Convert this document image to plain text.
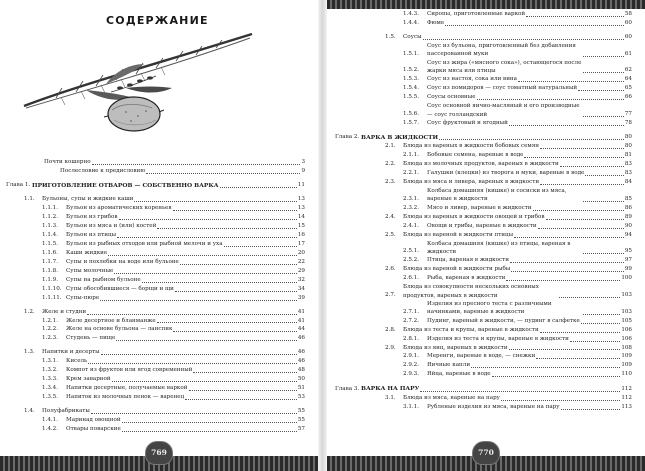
СОДЕРЖАНИЕ
Почти кошерно	3
Послесловие к предисловию	9
Глава 1. ПРИГОТОВЛЕНИЕ ОТВАРОВ — СОБСТВЕННО ВАРКА	11
1.1.	Бульоны, супы и жидкие каши	13
1.1.1.	Бульон из ароматических кореньев	13
1.1.2.	Бульон из грибов	14
1.1.3.	Бульон из мяса и (или) костей	15
1.1.4.	Бульон из птицы	16
1.1.5.	Бульон из рыбных отходов или рыбной мелочи и уха	17
1.1.6.	Каши жидкие	20
1.1.7.	Супы и похлебки на воде или бульоне	22
1.1.8.	Супы молочные	29
1.1.9.	Супы на рыбном бульоне	32
1.1.10. Супы обособившиеся — борщи и щи	34
1.1.11. Супы-пюре	39
1.2.	Желе и студни	41
1.2.1.	Желе десертное и бланманже	41
1.2.2.	Желе на основе бульона — ланспик	44
1.2.3.	Студень — пище	46
1.3.	Напитки и десерты	46
1.3.1.	Кисель	46
1.3.2.	Компот из фруктов или ягод современный	48
1.3.3.	Крем заварной	50
1.3.4.	Напитки десертные, получаемые варкой	51
1.3.5.	Напиток из молочных пенок — варенец	53
1.4.	Полуфабрикаты	55
1.4.1.	Маринад овощной	55
1.4.2.	Отвары поварские	57
769
1.4.3.	Сиропы, приготовленные варкой	58
1.4.4.	Фюме	60
1.5.	Соусы	60
1.5.1.
Соус из бульона, приготовленный без добавления пассерованной муки	61
1.5.2.
Соус из жира («мясного сока»), остающегося после жарки мяса или птицы	62
1.5.3.	Соус из настоя, сока или вина	64
1.5.4.	Соус из помидоров — соус томатный натуральный	65
1.5.5.	Соусы основные	66
1.5.6.
Соус основной яично-масляный и его производные — соус голландский	77
1.5.7.	Соус фруктовый и ягодный	78
Глава 2. ВАРКА В ЖИДКОСТИ	80
2.1.	Блюда из вареных в жидкости бобовых семян	80
2.1.1.	Бобовые семена, вареные в воде	81
2.2.	Блюда из молочных продуктов, вареных в жидкости	83
2.2.1.	Галушки (клецки) из творога и муки, вареные в воде	83
2.3.	Блюда из мяса и ливера, вареных в жидкости	84
2.3.1.
Колбаса домашняя (кишке) и сосиски из мяса, вареные в жидкости	85
2.3.2.	Мясо и ливер, вареные в жидкости	86
2.4.	Блюда из вареных в жидкости овощей и грибов	89
2.4.1.	Овощи и грибы, вареные в жидкости	90
2.5.	Блюда из вареной в жидкости птицы	94
2.5.1.
Колбаса домашняя (кишке) из птицы, вареная в жидкости	95
2.5.2.	Птица, вареная в жидкости	97
2.6.	Блюда из вареной в жидкости рыбы	99
2.6.1.	Рыба, вареная в жидкости	100
2.7.
Блюда из совокупности нескольких основных продуктов, вареных в жидкости	103
2.7.1.
Изделия из пресного теста с различными начинками, вареные в жидкости	103
2.7.2.	Пудинг, вареный в жидкости, — пудинг в салфетке	105
2.8.	Блюда из теста и крупы, вареные в жидкости	106
2.8.1.	Изделия из теста и крупы, вареные в жидкости	106
2.9.	Блюда из яиц, вареных в жидкости	108
2.9.1.	Меренги, вареные в воде, — снежки	109
2.9.2.	Яичные капли	109
2.9.3.	Яйца, вареные в воде	110
Глава 3. ВАРКА НА ПАРУ	112
3.1.	Блюда из мяса, вареные на пару	112
3.1.1.	Рубленые изделия из мяса, вареные на пару	113
770
